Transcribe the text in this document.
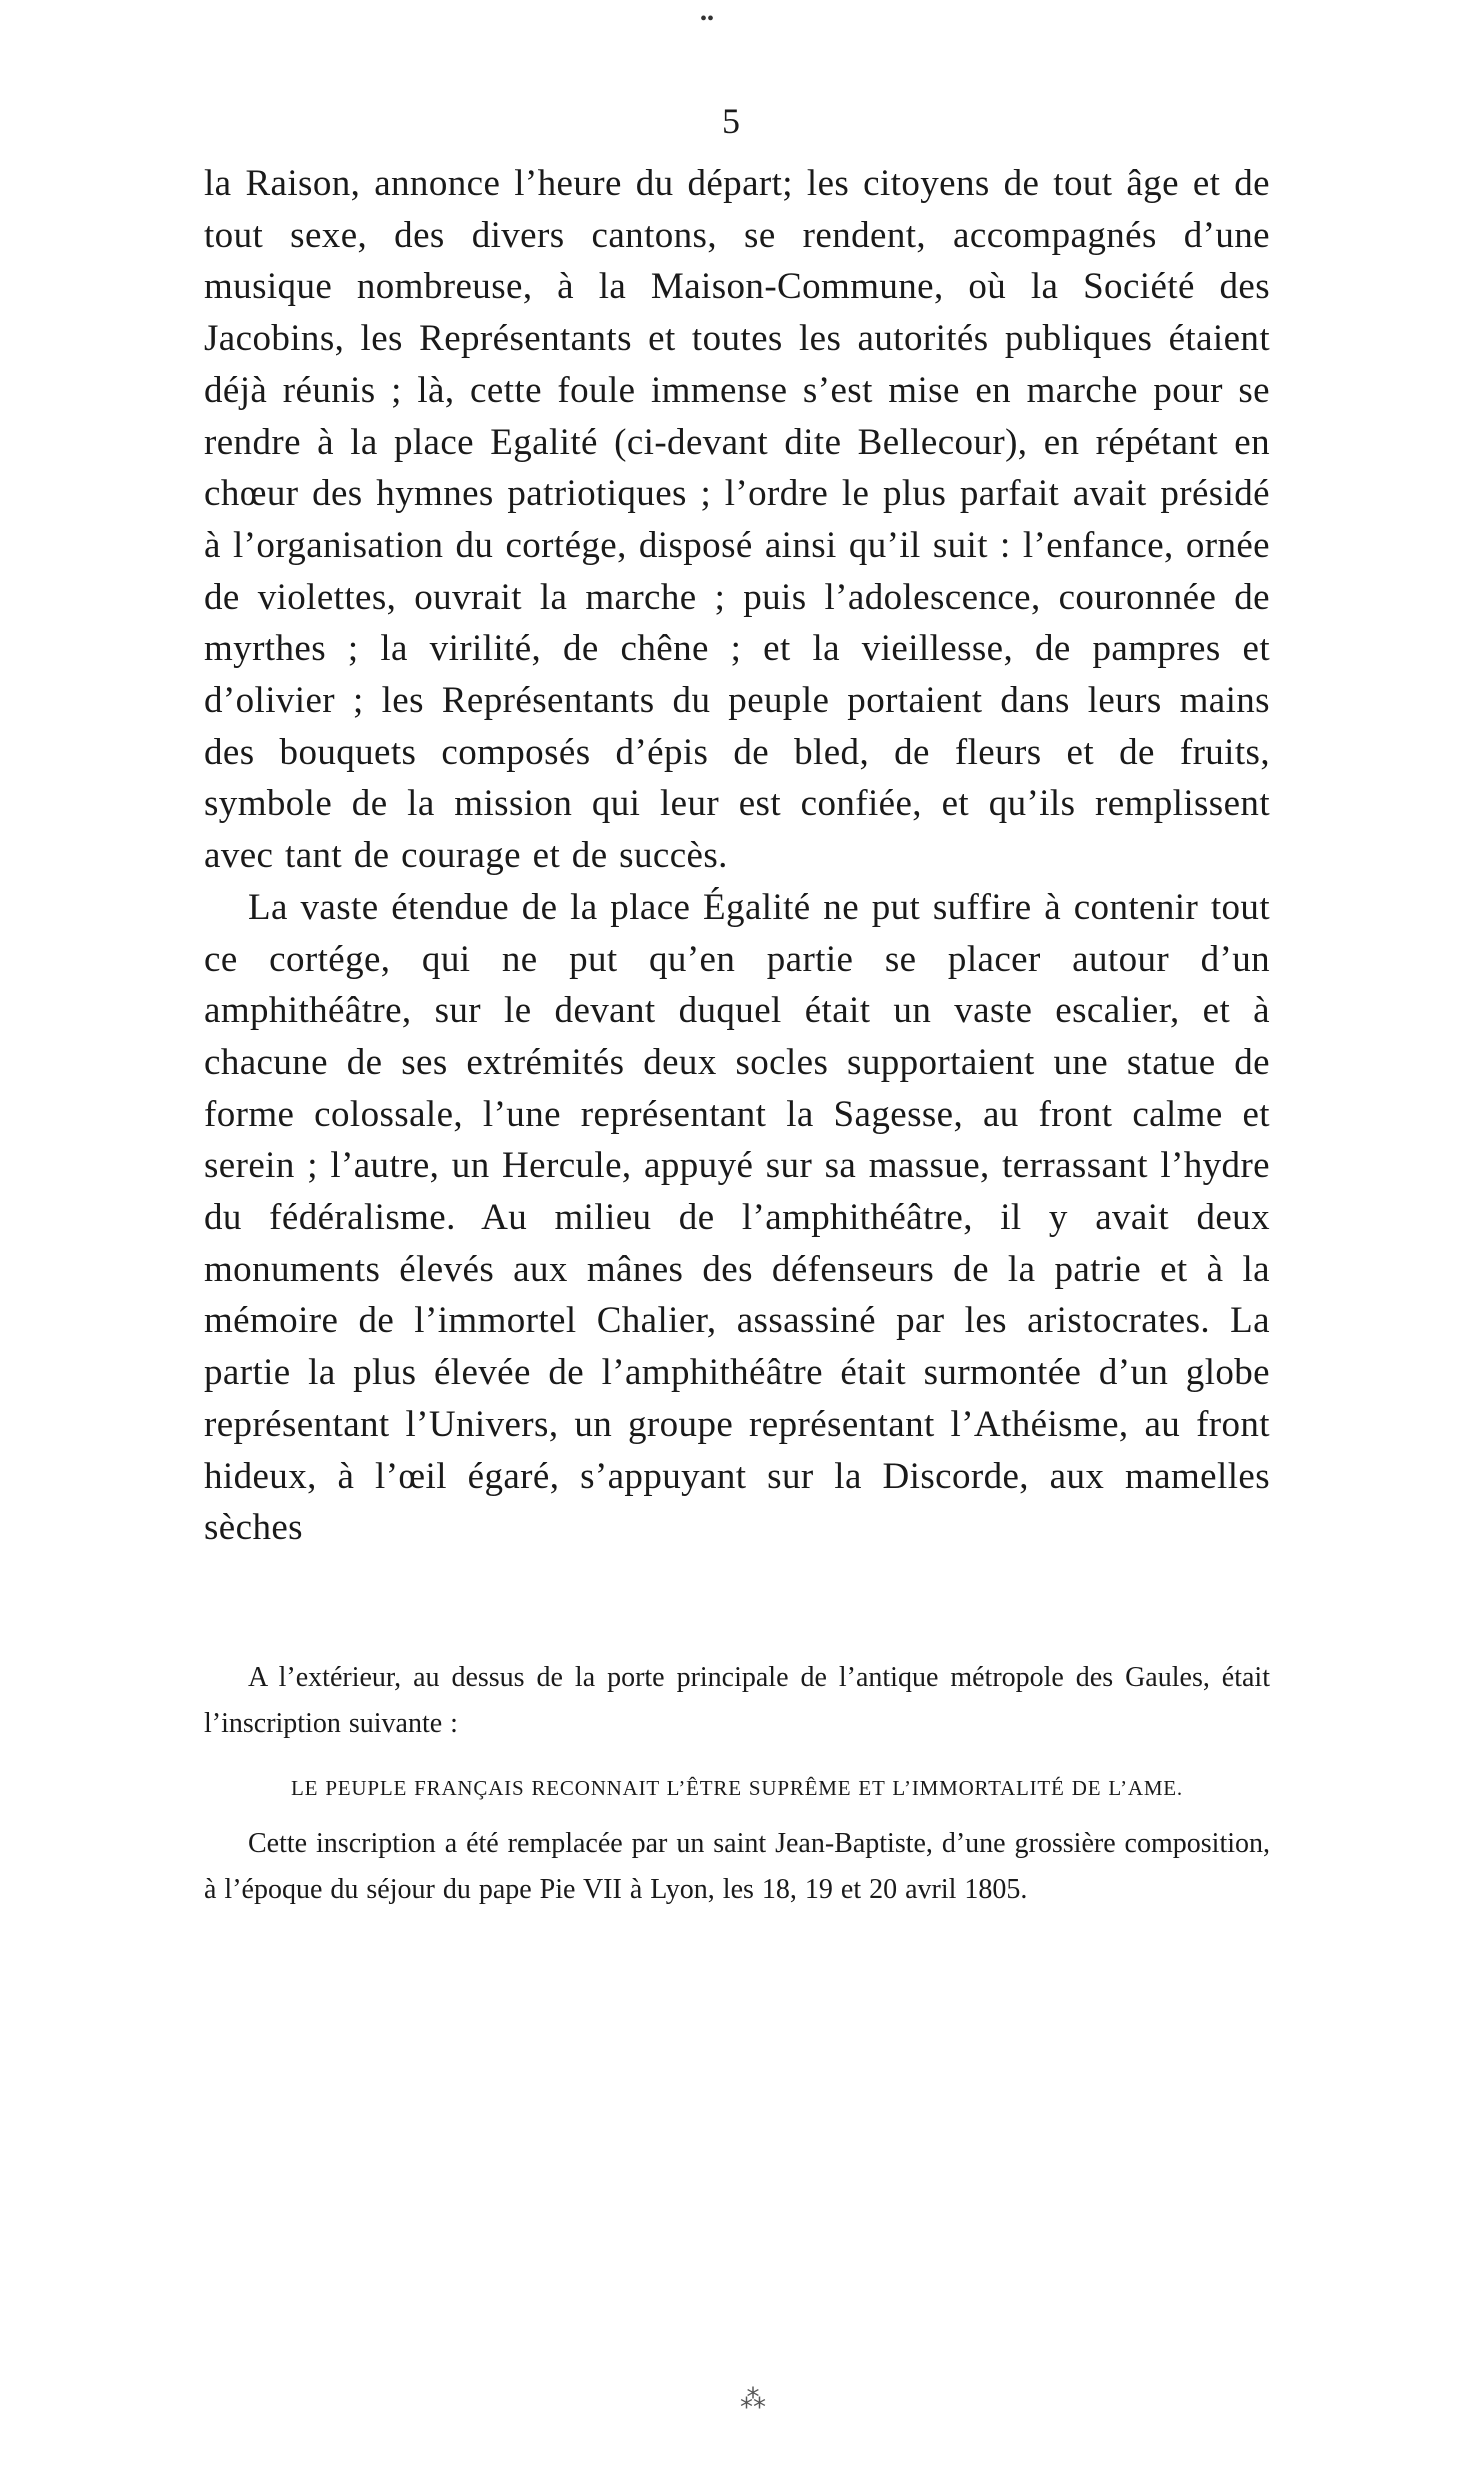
••
5

la Raison, annonce l’heure du départ; les citoyens de tout âge et de tout sexe, des divers cantons, se rendent, accompagnés d’une musique nombreuse, à la Maison-Commune, où la Société des Jacobins, les Représentants et toutes les autorités publiques étaient déjà réunis ; là, cette foule immense s’est mise en marche pour se rendre à la place Egalité (ci-devant dite Bellecour), en répétant en chœur des hymnes patriotiques ; l’ordre le plus parfait avait présidé à l’organisation du cortége, disposé ainsi qu’il suit : l’enfance, ornée de violettes, ouvrait la marche ; puis l’adolescence, couronnée de myrthes ; la virilité, de chêne ; et la vieillesse, de pampres et d’olivier ; les Représentants du peuple portaient dans leurs mains des bouquets composés d’épis de bled, de fleurs et de fruits, symbole de la mission qui leur est confiée, et qu’ils remplissent avec tant de courage et de succès.

La vaste étendue de la place Égalité ne put suffire à contenir tout ce cortége, qui ne put qu’en partie se placer autour d’un amphithéâtre, sur le devant duquel était un vaste escalier, et à chacune de ses extrémités deux socles supportaient une statue de forme colossale, l’une représentant la Sagesse, au front calme et serein ; l’autre, un Hercule, appuyé sur sa massue, terrassant l’hydre du fédéralisme. Au milieu de l’amphithéâtre, il y avait deux monuments élevés aux mânes des défenseurs de la patrie et à la mémoire de l’immortel Chalier, assassiné par les aristocrates. La partie la plus élevée de l’amphithéâtre était surmontée d’un globe représentant l’Univers, un groupe représentant l’Athéisme, au front hideux, à l’œil égaré, s’appuyant sur la Discorde, aux mamelles sèches

A l’extérieur, au dessus de la porte principale de l’antique métropole des Gaules, était l’inscription suivante :

LE PEUPLE FRANÇAIS RECONNAIT L’ÊTRE SUPRÊME ET L’IMMORTALITÉ DE L’AME.

Cette inscription a été remplacée par un saint Jean-Baptiste, d’une grossière composition, à l’époque du séjour du pape Pie VII à Lyon, les 18, 19 et 20 avril 1805.

⁂
